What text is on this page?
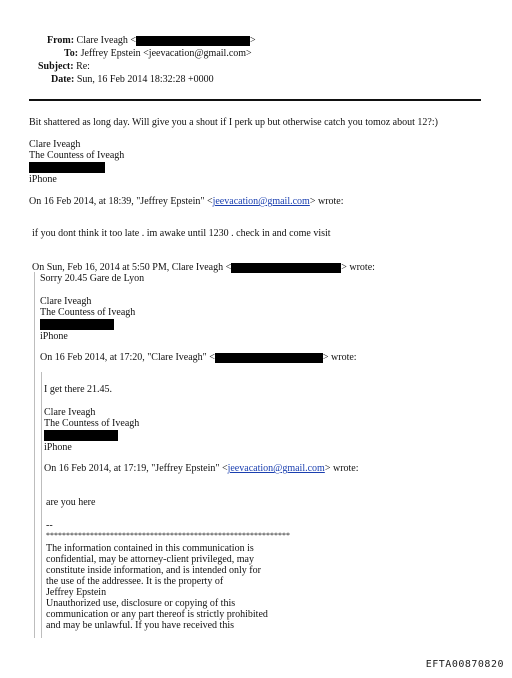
From: Clare Iveagh <	>
To: Jeffrey Epstein <jeevacation@gmail.com>
Subject: Re:
Date: Sun, 16 Feb 2014 18:32:28 +0000
Bit shattered as long day. Will give you a shout if I perk up but otherwise catch you tomoz about 12?:)
Clare Iveagh
The Countess of Iveagh
iPhone
On 16 Feb 2014, at 18:39, "Jeffrey Epstein" <jeevacation@gmail.com> wrote:
if you dont think it too late . im awake until 1230 . check in and come visit
On Sun, Feb 16, 2014 at 5:50 PM, Clare Iveagh <	> wrote:
Sorry 20.45 Gare de Lyon
Clare Iveagh
The Countess of Iveagh
iPhone
On 16 Feb 2014, at 17:20, "Clare Iveagh" <	> wrote:
I get there 21.45.
Clare Iveagh
The Countess of Iveagh
iPhone
On 16 Feb 2014, at 17:19, "Jeffrey Epstein" <jeevacation@gmail.com> wrote:
are you here
--
*************************************************************
The information contained in this communication is
confidential, may be attorney-client privileged, may
constitute inside information, and is intended only for
the use of the addressee. It is the property of
Jeffrey Epstein
Unauthorized use, disclosure or copying of this
communication or any part thereof is strictly prohibited
and may be unlawful. If you have received this
EFTA00870820
